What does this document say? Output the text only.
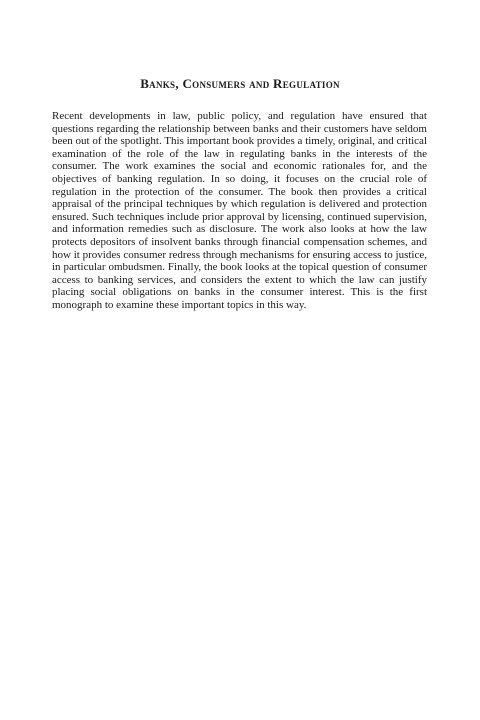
Banks, Consumers and Regulation

Recent developments in law, public policy, and regulation have ensured that questions regarding the relationship between banks and their customers have seldom been out of the spotlight. This important book provides a timely, original, and critical examination of the role of the law in regulating banks in the interests of the consumer. The work examines the social and economic rationales for, and the objectives of banking regulation. In so doing, it focuses on the crucial role of regulation in the protection of the consumer. The book then provides a critical appraisal of the principal techniques by which regulation is delivered and protection ensured. Such techniques include prior approval by licensing, continued supervision, and information remedies such as disclosure. The work also looks at how the law protects depositors of insolvent banks through financial compensation schemes, and how it provides consumer redress through mechanisms for ensuring access to justice, in particular ombudsmen. Finally, the book looks at the topical question of consumer access to banking services, and considers the extent to which the law can justify placing social obligations on banks in the consumer interest. This is the first monograph to examine these important topics in this way.
